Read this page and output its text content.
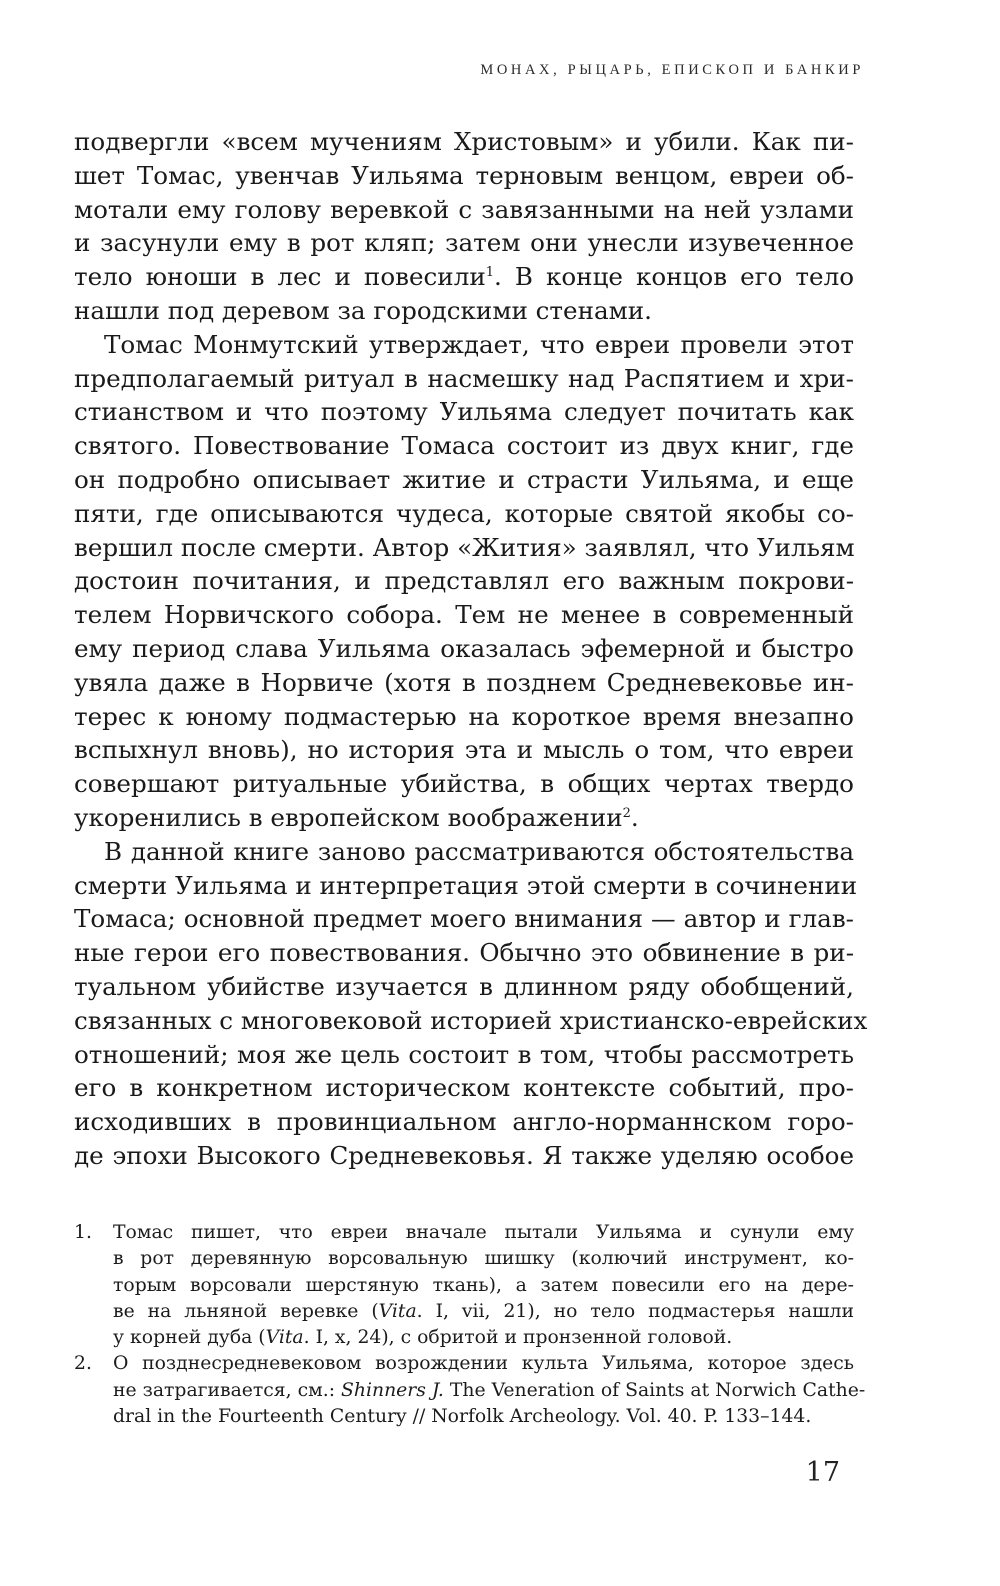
МОНАХ, РЫЦАРЬ, ЕПИСКОП И БАНКИР
подвергли «всем мучениям Христовым» и убили. Как пи-
шет Томас, увенчав Уильяма терновым венцом, евреи об-
мотали ему голову веревкой с завязанными на ней узлами
и засунули ему в рот кляп; затем они унесли изувеченное
тело юноши в лес и повесили$^1$. В конце концов его тело
нашли под деревом за городскими стенами.
Томас Монмутский утверждает, что евреи провели этот
предполагаемый ритуал в насмешку над Распятием и хри-
стианством и что поэтому Уильяма следует почитать как
святого. Повествование Томаса состоит из двух книг, где
он подробно описывает житие и страсти Уильяма, и еще
пяти, где описываются чудеса, которые святой якобы со-
вершил после смерти. Автор «Жития» заявлял, что Уильям
достоин почитания, и представлял его важным покрови-
телем Норвичского собора. Тем не менее в современный
ему период слава Уильяма оказалась эфемерной и быстро
увяла даже в Норвиче (хотя в позднем Средневековье ин-
терес к юному подмастерью на короткое время внезапно
вспыхнул вновь), но история эта и мысль о том, что евреи
совершают ритуальные убийства, в общих чертах твердо
укоренились в европейском воображении$^2$.
В данной книге заново рассматриваются обстоятельства
смерти Уильяма и интерпретация этой смерти в сочинении
Томаса; основной предмет моего внимания — автор и глав-
ные герои его повествования. Обычно это обвинение в ри-
туальном убийстве изучается в длинном ряду обобщений,
связанных с многовековой историей христианско-еврейских
отношений; моя же цель состоит в том, чтобы рассмотреть
его в конкретном историческом контексте событий, про-
исходивших в провинциальном англо-норманнском горо-
де эпохи Высокого Средневековья. Я также уделяю особое
1. Томас пишет, что евреи вначале пытали Уильяма и сунули ему
в рот деревянную ворсовальную шишку (колючий инструмент, ко-
торым ворсовали шерстяную ткань), а затем повесили его на дере-
ве на льняной веревке (Vita. I, vii, 21), но тело подмастерья нашли
у корней дуба (Vita. I, x, 24), с обритой и пронзенной головой.
2. О позднесредневековом возрождении культа Уильяма, которое здесь
не затрагивается, см.: Shinners J. The Veneration of Saints at Norwich Cathe-
dral in the Fourteenth Century // Norfolk Archeology. Vol. 40. P. 133–144.
17
